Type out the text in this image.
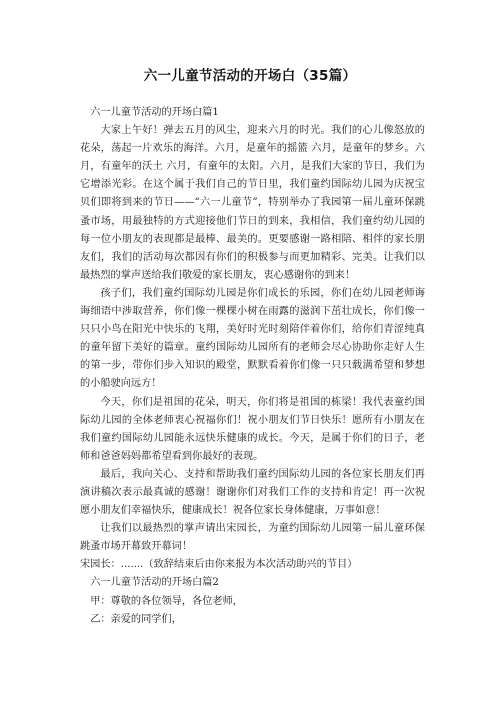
六一儿童节活动的开场白（35篇）

六一儿童节活动的开场白篇1

大家上午好！弹去五月的风尘，迎来六月的时光。我们的心儿像怒放的花朵，荡起一片欢乐的海洋。六月，是童年的摇篮 六月，是童年的梦乡。六月，有童年的沃土 六月，有童年的太阳。六月，是我们大家的节日，我们为它增添光彩。在这个属于我们自己的节日里，我们童约国际幼儿园为庆祝宝贝们即将到来的节日——“六一儿童节”，特别举办了我园第一届儿童环保跳蚤市场，用最独特的方式迎接他们节日的到来，我相信，我们童约幼儿园的每一位小朋友的表现都是最棒、最美的。更要感谢一路相陪、相伴的家长朋友们，我们的活动每次都因有你们的积极参与而更加精彩、完美。让我们以最热烈的掌声送给我们敬爱的家长朋友，衷心感谢你的到来！

孩子们，我们童约国际幼儿园是你们成长的乐园，你们在幼儿园老师诲诲细语中涉取营养，你们像一棵棵小树在雨露的滋润下茁壮成长，你们像一只只小鸟在阳光中快乐的飞翔，美好时光时刻陪伴着你们，给你们青涩纯真的童年留下美好的篇章。童约国际幼儿园所有的老师会尽心协助你走好人生的第一步，带你们步入知识的殿堂，默默看着你们像一只只载满希望和梦想的小船驶向远方！

今天，你们是祖国的花朵，明天，你们将是祖国的栋梁！我代表童约国际幼儿园的全体老师衷心祝福你们！祝小朋友们节日快乐！愿所有小朋友在我们童约国际幼儿园能永远快乐健康的成长。今天，是属于你们的日子，老师和爸爸妈妈都希望看到你最好的表现。

最后，我向关心、支持和帮助我们童约国际幼儿园的各位家长朋友们再演讲稿次表示最真诚的感谢！谢谢你们对我们工作的支持和肯定！再一次祝愿小朋友们幸福快乐，健康成长！祝各位家长身体健康，万事如意！

让我们以最热烈的掌声请出宋园长，为童约国际幼儿园第一届儿童环保跳蚤市场开幕致开幕词！

宋园长：.......（致辞结束后由你来报为本次活动助兴的节目）

六一儿童节活动的开场白篇2

甲：尊敬的各位领导，各位老师，

乙：亲爱的同学们，
